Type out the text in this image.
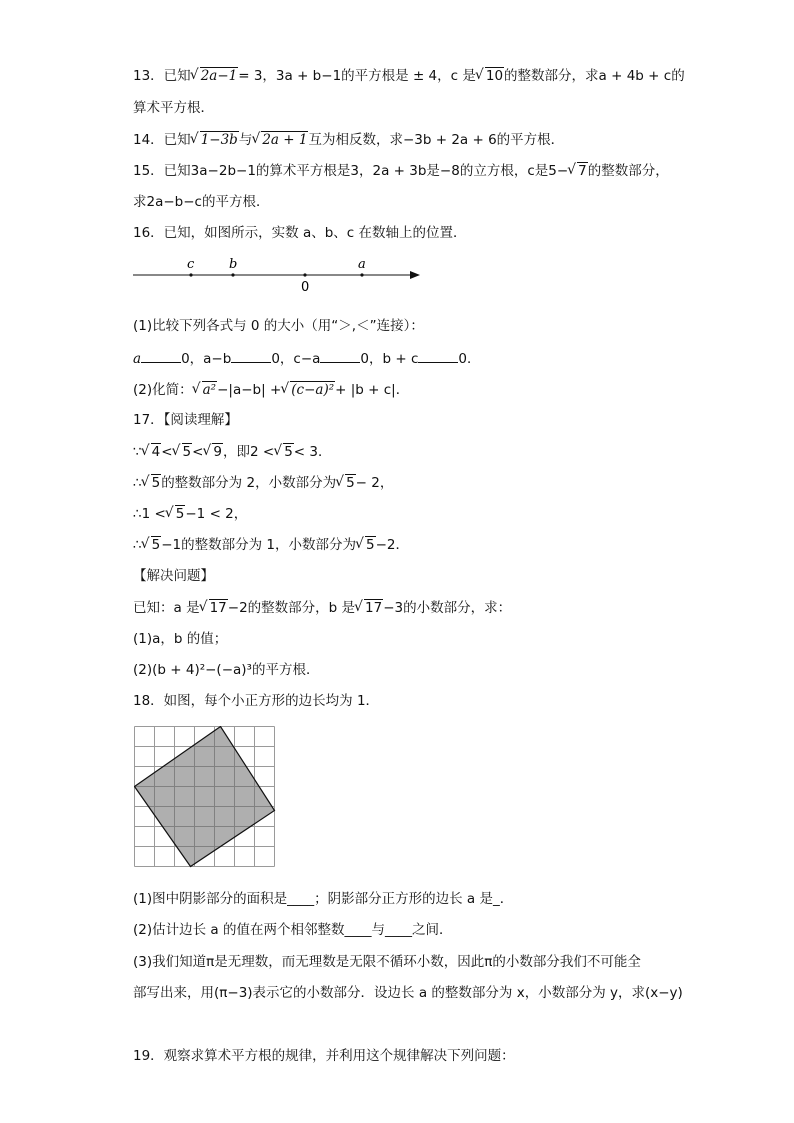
13．已知 √ 2a−1= 3，3a + b−1的平方根是 ± 4，c 是 √ 10的整数部分，求a + 4b + c的
算术平方根．
14．已知 √ 1−3b与 √ 2a + 1互为相反数，求−3b + 2a + 6的平方根．
15．已知3a−2b−1的算术平方根是3，2a + 3b是−8的立方根，c是5− √ 7的整数部分，
求2a−b−c的平方根．
16．已知，如图所示，实数 a、b、c 在数轴上的位置．
c	b
0
a
(1)比较下列各式与 0 的大小（用“＞,＜”连接）：
a	0，a−b	0，c−a	0，b + c	0．
(2)化简： √ a²−|a−b| + √ (c−a)²+ |b + c|．
17．【阅读理解】
∵ √ 4< √ 5< √ 9，即2 < √ 5< 3．
∴ √ 5的整数部分为 2，小数部分为 √ 5− 2，
∴1 < √ 5−1 < 2，
∴ √ 5−1的整数部分为 1，小数部分为 √ 5−2．
【解决问题】
已知：a 是 √ 17−2的整数部分，b 是 √ 17−3的小数部分，求：
(1)a，b 的值；
(2)(b + 4)²−(−a)³的平方根．
18．如图，每个小正方形的边长均为 1．
(1)图中阴影部分的面积是____；阴影部分正方形的边长 a 是_．
(2)估计边长 a 的值在两个相邻整数____与____之间．
(3)我们知道π是无理数，而无理数是无限不循环小数，因此π的小数部分我们不可能全
部写出来，用(π−3)表示它的小数部分．设边长 a 的整数部分为 x，小数部分为 y，求(x−y)
19．观察求算术平方根的规律，并利用这个规律解决下列问题：
